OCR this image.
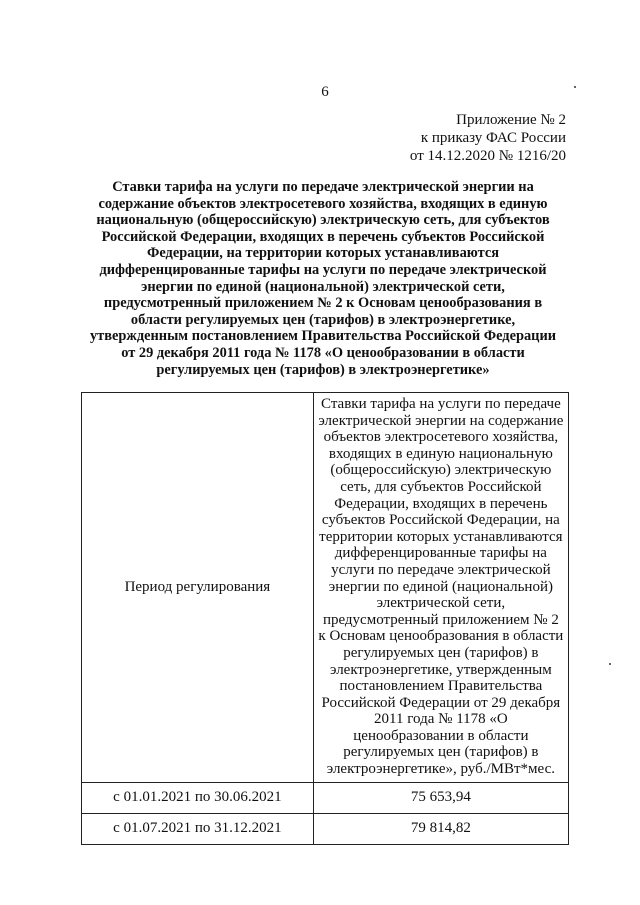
6
Приложение № 2
к приказу ФАС России
от 14.12.2020 № 1216/20
Ставки тарифа на услуги по передаче электрической энергии на содержание объектов электросетевого хозяйства, входящих в единую национальную (общероссийскую) электрическую сеть, для субъектов Российской Федерации, входящих в перечень субъектов Российской Федерации, на территории которых устанавливаются дифференцированные тарифы на услуги по передаче электрической энергии по единой (национальной) электрической сети, предусмотренный приложением № 2 к Основам ценообразования в области регулируемых цен (тарифов) в электроэнергетике, утвержденным постановлением Правительства Российской Федерации от 29 декабря 2011 года № 1178 «О ценообразовании в области регулируемых цен (тарифов) в электроэнергетике»
Период регулирования	Ставки тарифа на услуги по передаче электрической энергии на содержание объектов электросетевого хозяйства, входящих в единую национальную (общероссийскую) электрическую сеть, для субъектов Российской Федерации, входящих в перечень субъектов Российской Федерации, на территории которых устанавливаются дифференцированные тарифы на услуги по передаче электрической энергии по единой (национальной) электрической сети, предусмотренный приложением № 2 к Основам ценообразования в области регулируемых цен (тарифов) в электроэнергетике, утвержденным постановлением Правительства Российской Федерации от 29 декабря 2011 года № 1178 «О ценообразовании в области регулируемых цен (тарифов) в электроэнергетике», руб./МВт*мес.
с 01.01.2021 по 30.06.2021	75 653,94
с 01.07.2021 по 31.12.2021	79 814,82
